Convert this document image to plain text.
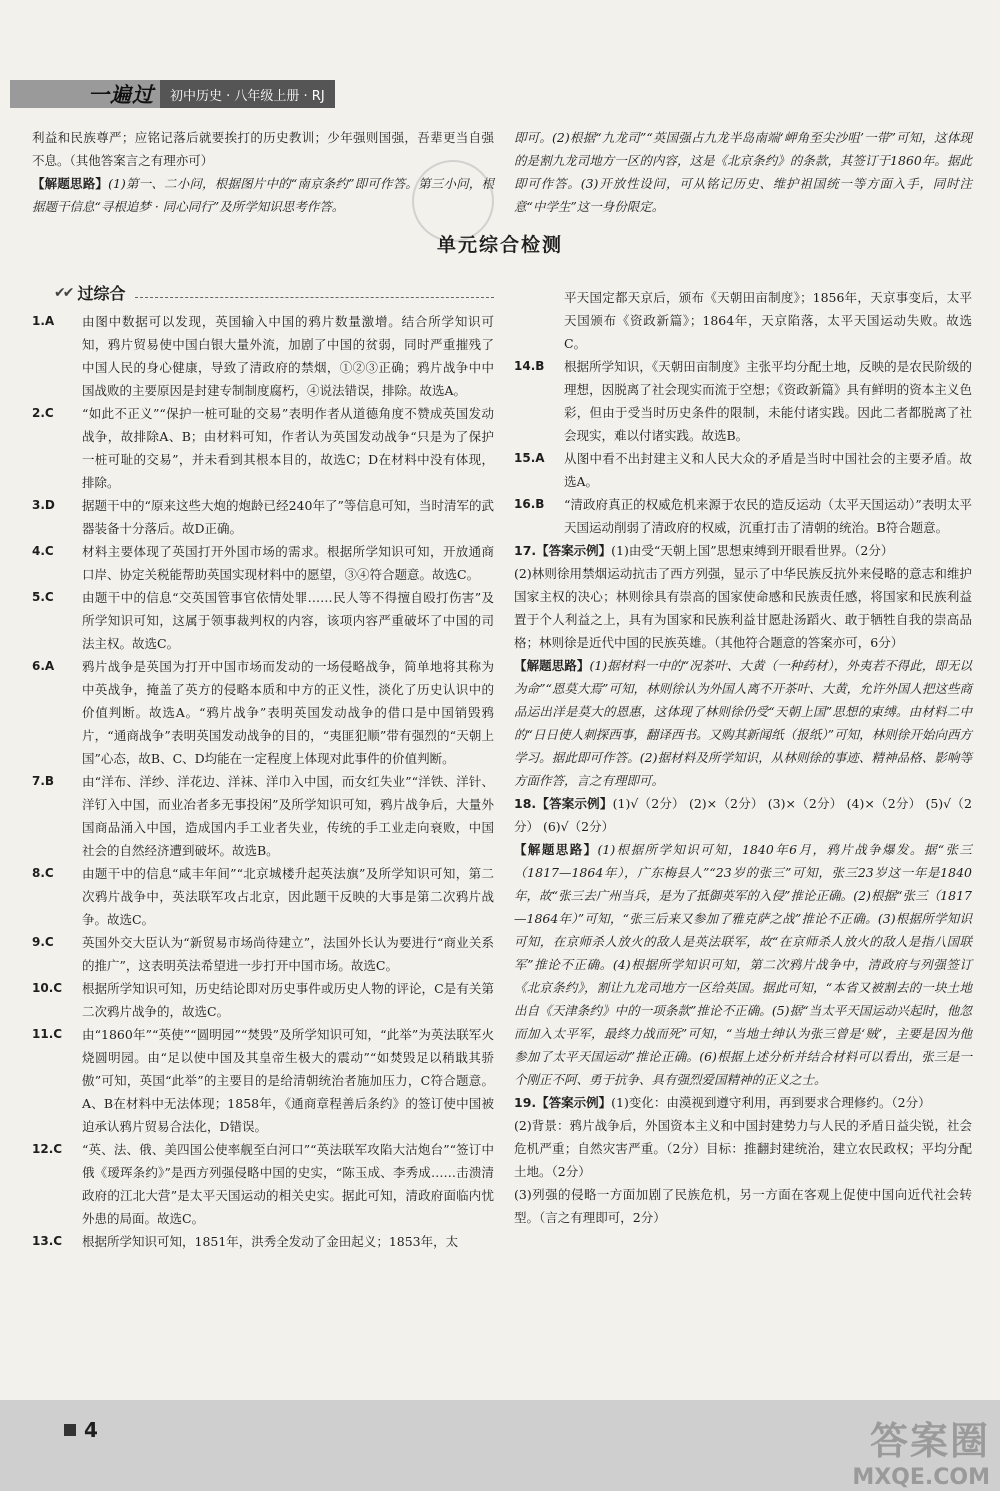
一遍过	初中历史 · 八年级上册 · RJ

利益和民族尊严；应铭记落后就要挨打的历史教训；少年强则国强，吾辈更当自强不息。（其他答案言之有理亦可）

【解题思路】(1)第一、二小问，根据图片中的“南京条约”即可作答。第三小问，根据题干信息“寻根追梦 · 同心同行”及所学知识思考作答。

即可。(2)根据“九龙司”“英国强占九龙半岛南端‘岬角至尖沙咀’一带”可知，这体现的是割九龙司地方一区的内容，这是《北京条约》的条款，其签订于1860年。据此即可作答。(3)开放性设问，可从铭记历史、维护祖国统一等方面入手，同时注意“中学生”这一身份限定。

单元综合检测
✔✔ 过综合
1.A	由图中数据可以发现，英国输入中国的鸦片数量激增。结合所学知识可知，鸦片贸易使中国白银大量外流，加剧了中国的贫弱，同时严重摧残了中国人民的身心健康，导致了清政府的禁烟，①②③正确；鸦片战争中中国战败的主要原因是封建专制制度腐朽，④说法错误，排除。故选A。
2.C	“如此不正义”“保护一桩可耻的交易”表明作者从道德角度不赞成英国发动战争，故排除A、B；由材料可知，作者认为英国发动战争“只是为了保护一桩可耻的交易”，并未看到其根本目的，故选C；D在材料中没有体现，排除。
3.D	据题干中的“原来这些大炮的炮龄已经240年了”等信息可知，当时清军的武器装备十分落后。故D正确。
4.C	材料主要体现了英国打开外国市场的需求。根据所学知识可知，开放通商口岸、协定关税能帮助英国实现材料中的愿望，③④符合题意。故选C。
5.C	由题干中的信息“交英国管事官依情处罪……民人等不得擅自殴打伤害”及所学知识可知，这属于领事裁判权的内容，该项内容严重破坏了中国的司法主权。故选C。
6.A	鸦片战争是英国为打开中国市场而发动的一场侵略战争，简单地将其称为中英战争，掩盖了英方的侵略本质和中方的正义性，淡化了历史认识中的价值判断。故选A。“鸦片战争”表明英国发动战争的借口是中国销毁鸦片，“通商战争”表明英国发动战争的目的，“夷匪犯顺”带有强烈的“天朝上国”心态，故B、C、D均能在一定程度上体现对此事件的价值判断。
7.B	由“洋布、洋纱、洋花边、洋袜、洋巾入中国，而女红失业”“洋铁、洋针、洋钉入中国，而业冶者多无事投闲”及所学知识可知，鸦片战争后，大量外国商品涌入中国，造成国内手工业者失业，传统的手工业走向衰败，中国社会的自然经济遭到破坏。故选B。
8.C	由题干中的信息“咸丰年间”“北京城楼升起英法旗”及所学知识可知，第二次鸦片战争中，英法联军攻占北京，因此题干反映的大事是第二次鸦片战争。故选C。
9.C	英国外交大臣认为“新贸易市场尚待建立”，法国外长认为要进行“商业关系的推广”，这表明英法希望进一步打开中国市场。故选C。
10.C	根据所学知识可知，历史结论即对历史事件或历史人物的评论，C是有关第二次鸦片战争的，故选C。
11.C	由“1860年”“英使”“圆明园”“焚毁”及所学知识可知，“此举”为英法联军火烧圆明园。由“足以使中国及其皇帝生极大的震动”“如焚毁足以稍戢其骄傲”可知，英国“此举”的主要目的是给清朝统治者施加压力，C符合题意。A、B在材料中无法体现；1858年，《通商章程善后条约》的签订使中国被迫承认鸦片贸易合法化，D错误。
12.C	“英、法、俄、美四国公使率舰至白河口”“英法联军攻陷大沽炮台”“签订中俄《瑷珲条约》”是西方列强侵略中国的史实，“陈玉成、李秀成……击溃清政府的江北大营”是太平天国运动的相关史实。据此可知，清政府面临内忧外患的局面。故选C。
13.C	根据所学知识可知，1851年，洪秀全发动了金田起义；1853年，太
平天国定都天京后，颁布《天朝田亩制度》；1856年，天京事变后，太平天国颁布《资政新篇》；1864年，天京陷落，太平天国运动失败。故选C。
14.B	根据所学知识，《天朝田亩制度》主张平均分配土地，反映的是农民阶级的理想，因脱离了社会现实而流于空想；《资政新篇》具有鲜明的资本主义色彩，但由于受当时历史条件的限制，未能付诸实践。因此二者都脱离了社会现实，难以付诸实践。故选B。
15.A	从图中看不出封建主义和人民大众的矛盾是当时中国社会的主要矛盾。故选A。
16.B	“清政府真正的权威危机来源于农民的造反运动（太平天国运动）”表明太平天国运动削弱了清政府的权威，沉重打击了清朝的统治。B符合题意。

17.【答案示例】(1)由受“天朝上国”思想束缚到开眼看世界。（2分）

(2)林则徐用禁烟运动抗击了西方列强，显示了中华民族反抗外来侵略的意志和维护国家主权的决心；林则徐具有崇高的国家使命感和民族责任感，将国家和民族利益置于个人利益之上，具有为国家和民族利益甘愿赴汤蹈火、敢于牺牲自我的崇高品格；林则徐是近代中国的民族英雄。（其他符合题意的答案亦可，6分）

【解题思路】(1)据材料一中的“况茶叶、大黄（一种药材），外夷若不得此，即无以为命”“恩莫大焉”可知，林则徐认为外国人离不开茶叶、大黄，允许外国人把这些商品运出洋是莫大的恩惠，这体现了林则徐仍受“天朝上国”思想的束缚。由材料二中的“日日使人刺探西事，翻译西书。又购其新闻纸（报纸）”可知，林则徐开始向西方学习。据此即可作答。(2)据材料及所学知识，从林则徐的事迹、精神品格、影响等方面作答，言之有理即可。

18.【答案示例】(1)√（2分） (2)×（2分） (3)×（2分） (4)×（2分） (5)√（2分） (6)√（2分）

【解题思路】(1)根据所学知识可知，1840年6月，鸦片战争爆发。据“张三（1817—1864年），广东梅县人”“23岁的张三”可知，张三23岁这一年是1840年，故“张三去广州当兵，是为了抵御英军的入侵”推论正确。(2)根据“张三（1817—1864年）”可知，“张三后来又参加了雅克萨之战”推论不正确。(3)根据所学知识可知，在京师杀人放火的敌人是英法联军，故“在京师杀人放火的敌人是指八国联军”推论不正确。(4)根据所学知识可知，第二次鸦片战争中，清政府与列强签订《北京条约》，割让九龙司地方一区给英国。据此可知，“本省又被割去的一块土地出自《天津条约》中的一项条款”推论不正确。(5)据“当太平天国运动兴起时，他忽而加入太平军，最终力战而死”可知，“当地士绅认为张三曾是‘贼’，主要是因为他参加了太平天国运动”推论正确。(6)根据上述分析并结合材料可以看出，张三是一个刚正不阿、勇于抗争、具有强烈爱国精神的正义之士。

19.【答案示例】(1)变化：由漠视到遵守利用，再到要求合理修约。（2分）

(2)背景：鸦片战争后，外国资本主义和中国封建势力与人民的矛盾日益尖锐，社会危机严重；自然灾害严重。（2分）目标：推翻封建统治，建立农民政权；平均分配土地。（2分）

(3)列强的侵略一方面加剧了民族危机，另一方面在客观上促使中国向近代社会转型。（言之有理即可，2分）

4	答案圈
MXQE.COM
